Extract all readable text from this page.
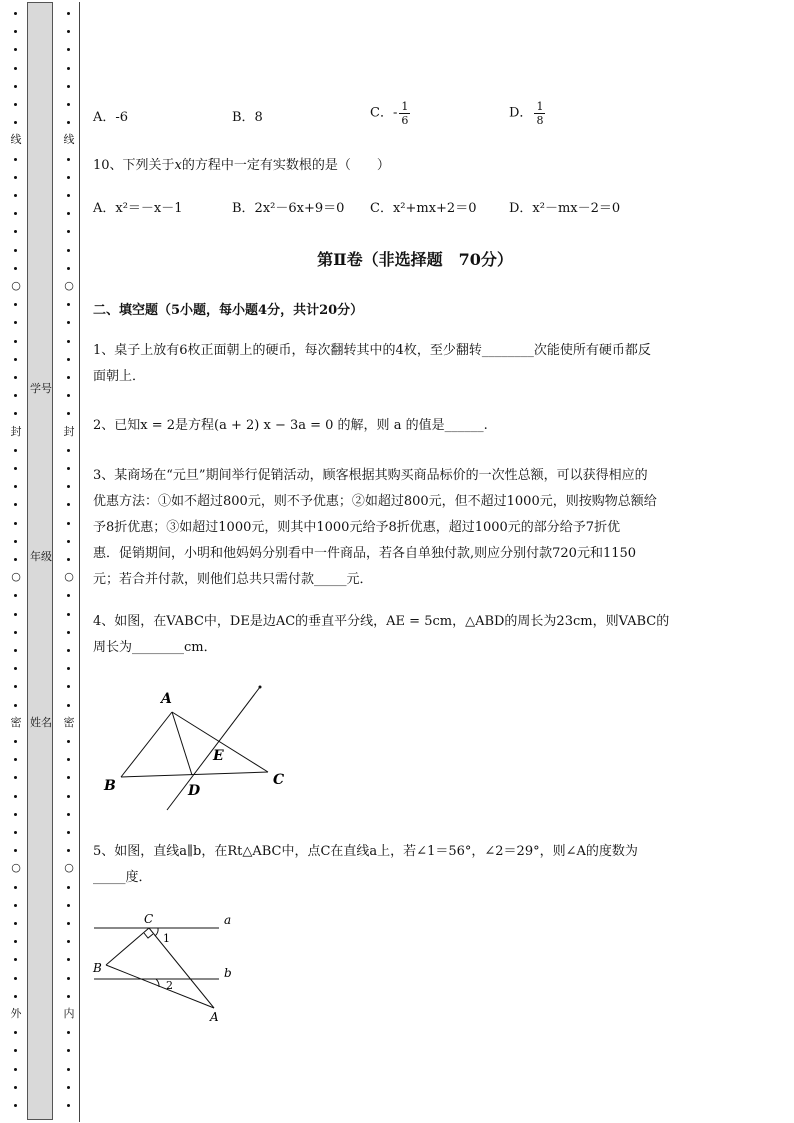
线
○
封
○
密
○
外
学号
年级
姓名
线
○
封
○
密
○
内
A．-6	B．8	C．- $\frac{1}{6}$	D． $\frac{1}{8}$
10、下列关于x的方程中一定有实数根的是（　　）
A．x²＝－x－1	B．2x²－6x+9＝0 C．x²+mx+2＝0	D．x²－mx－2＝0
第Ⅱ卷（非选择题　70分）
二、填空题（5小题，每小题4分，共计20分）
1、桌子上放有6枚正面朝上的硬币，每次翻转其中的4枚，至少翻转________次能使所有硬币都反
面朝上．
2、已知x = 2是方程(a + 2) x − 3a = 0 的解，则 a 的值是______.
3、某商场在“元旦”期间举行促销活动，顾客根据其购买商品标价的一次性总额，可以获得相应的
优惠方法：①如不超过800元，则不予优惠；②如超过800元，但不超过1000元，则按购物总额给
予8折优惠；③如超过1000元，则其中1000元给予8折优惠，超过1000元的部分给予7折优
惠．促销期间，小明和他妈妈分别看中一件商品，若各自单独付款,则应分别付款720元和1150
元；若合并付款，则他们总共只需付款_____元．
4、如图，在VABC中，DE是边AC的垂直平分线，AE = 5cm，△ABD的周长为23cm，则VABC的
周长为________cm．
A
B	C
D
E
5、如图，直线a∥b，在Rt△ABC中，点C在直线a上，若∠1＝56°，∠2＝29°，则∠A的度数为
_____度．
C	a
1
B	b
2
A
